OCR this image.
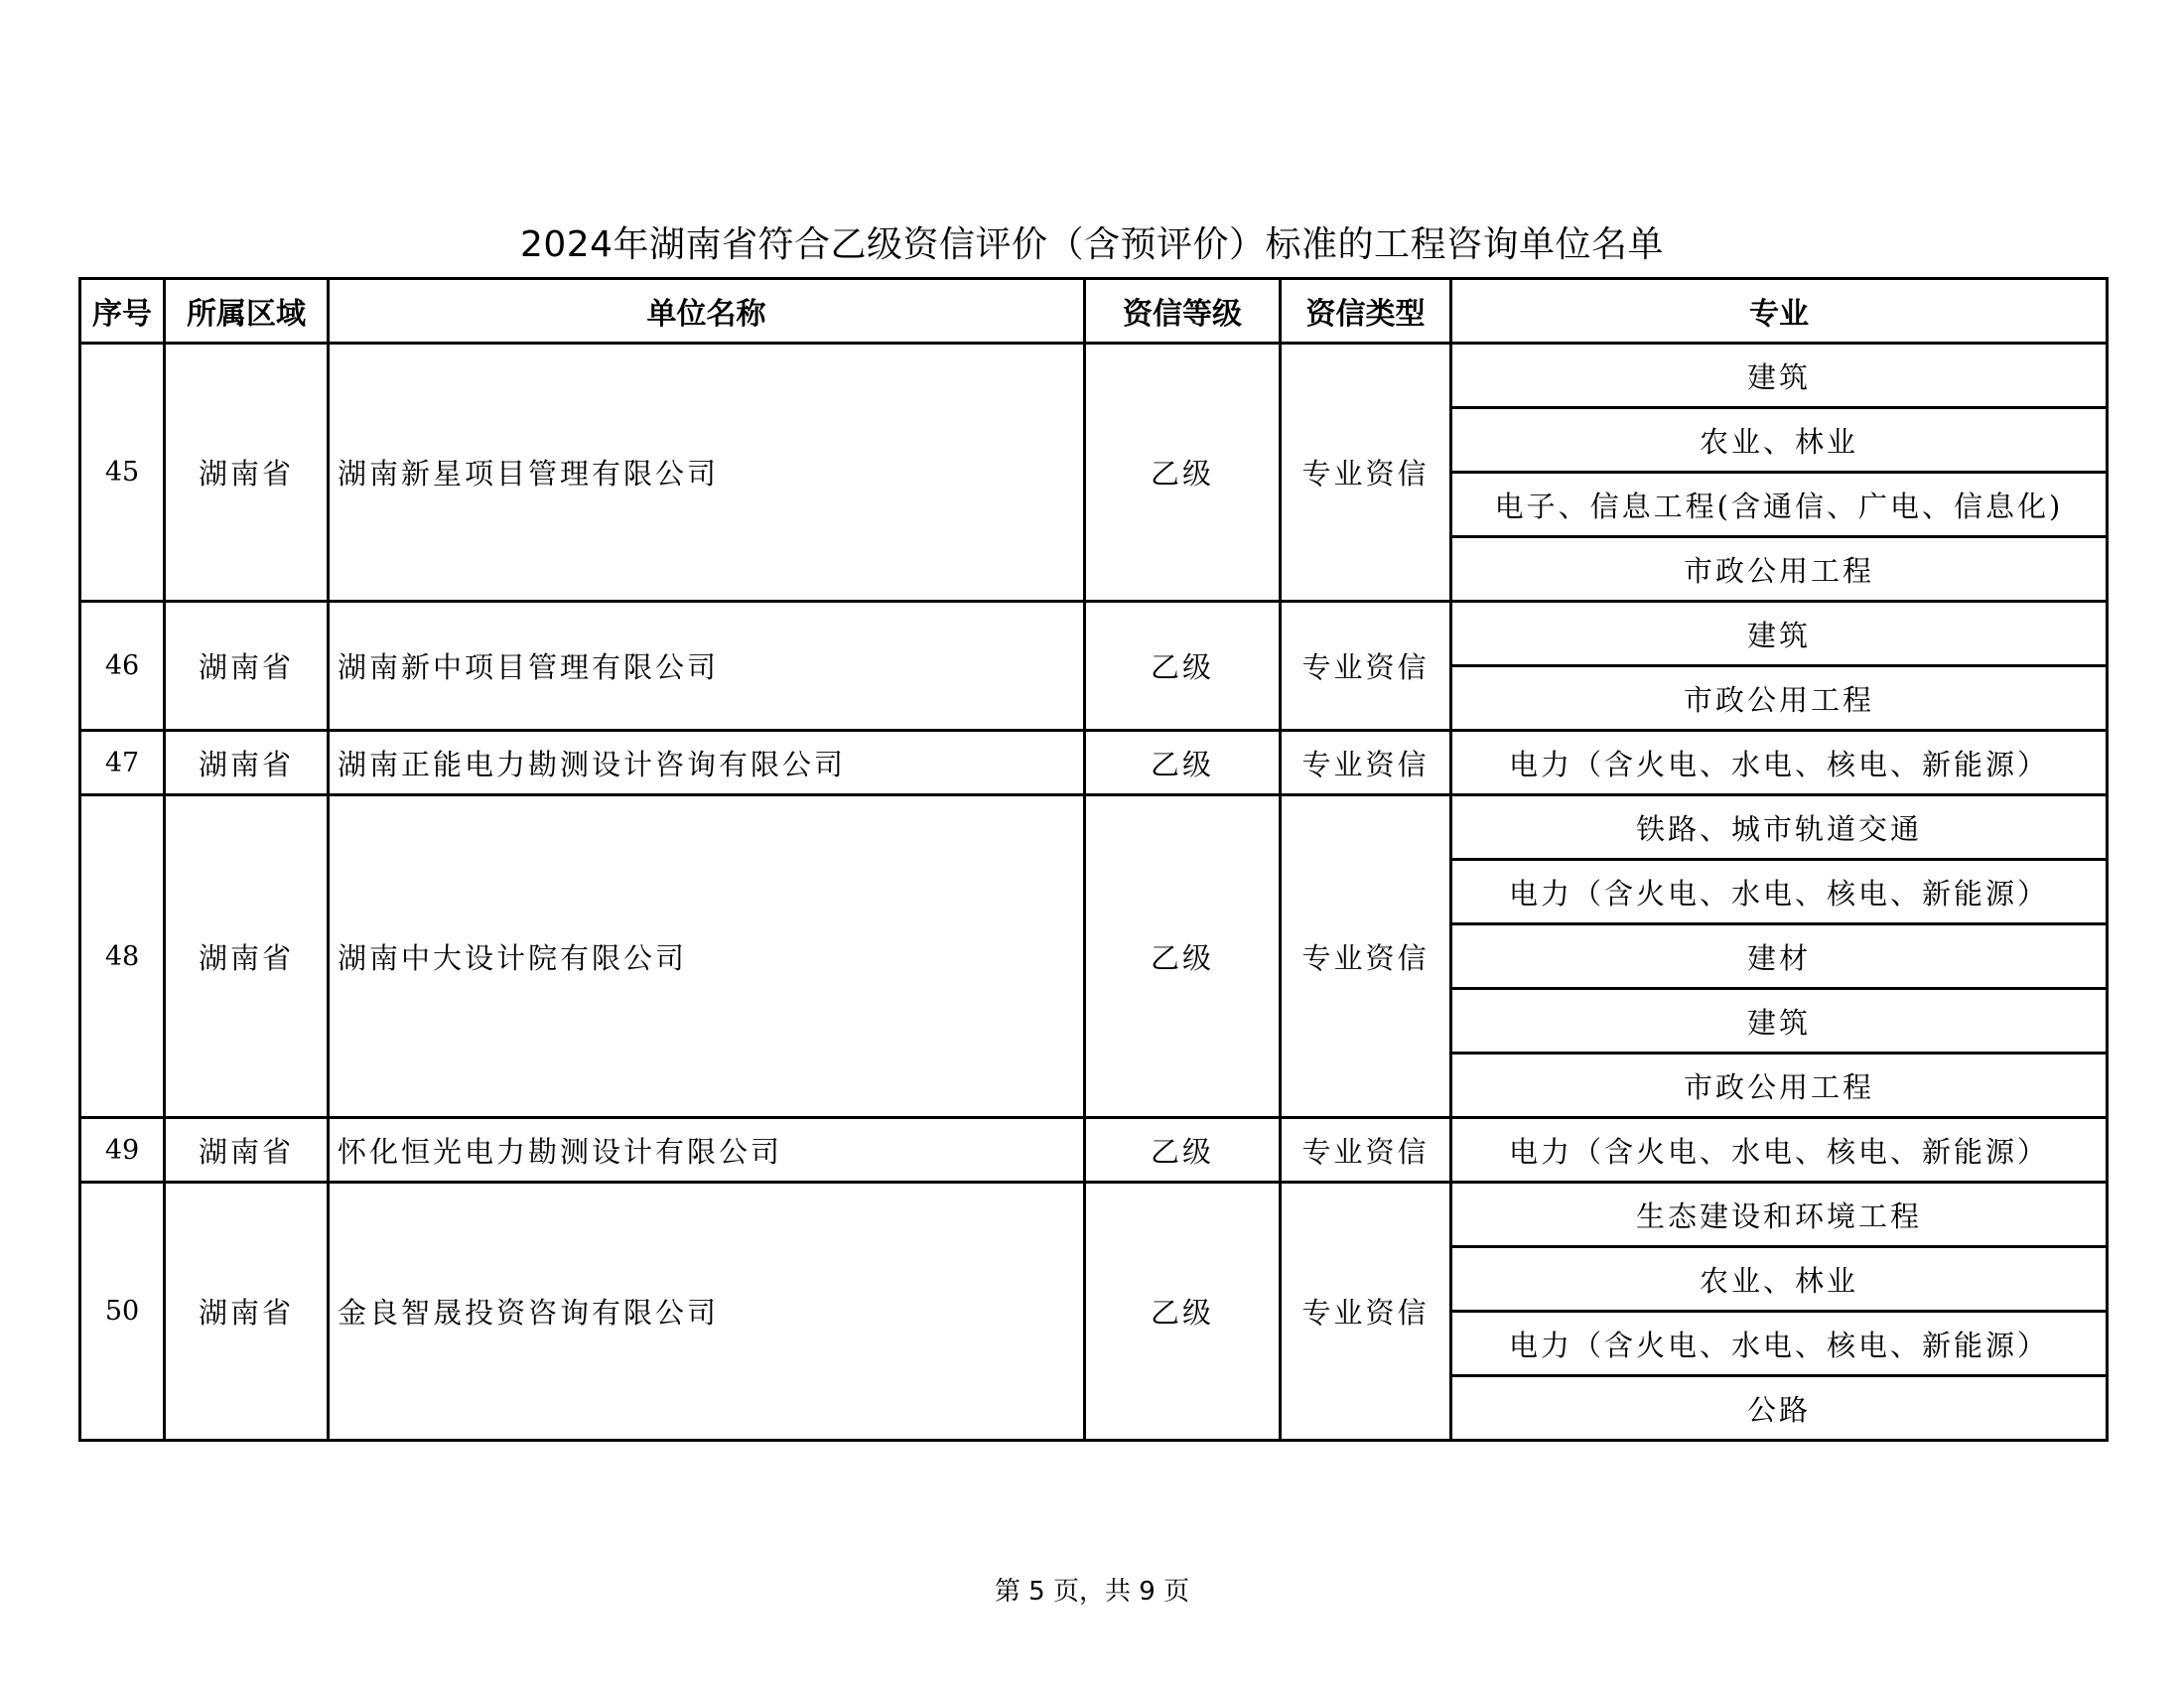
2024年湖南省符合乙级资信评价（含预评价）标准的工程咨询单位名单
序号	所属区域	单位名称	资信等级	资信类型	专业
45	湖南省	湖南新星项目管理有限公司	乙级	专业资信	建筑
					农业、林业
					电子、信息工程(含通信、广电、信息化)
					市政公用工程
46	湖南省	湖南新中项目管理有限公司	乙级	专业资信	建筑
					市政公用工程
47	湖南省	湖南正能电力勘测设计咨询有限公司	乙级	专业资信	电力（含火电、水电、核电、新能源）
48	湖南省	湖南中大设计院有限公司	乙级	专业资信	铁路、城市轨道交通
					电力（含火电、水电、核电、新能源）
					建材
					建筑
					市政公用工程
49	湖南省	怀化恒光电力勘测设计有限公司	乙级	专业资信	电力（含火电、水电、核电、新能源）
50	湖南省	金良智晟投资咨询有限公司	乙级	专业资信	生态建设和环境工程
					农业、林业
					电力（含火电、水电、核电、新能源）
					公路
第 5 页，共 9 页
